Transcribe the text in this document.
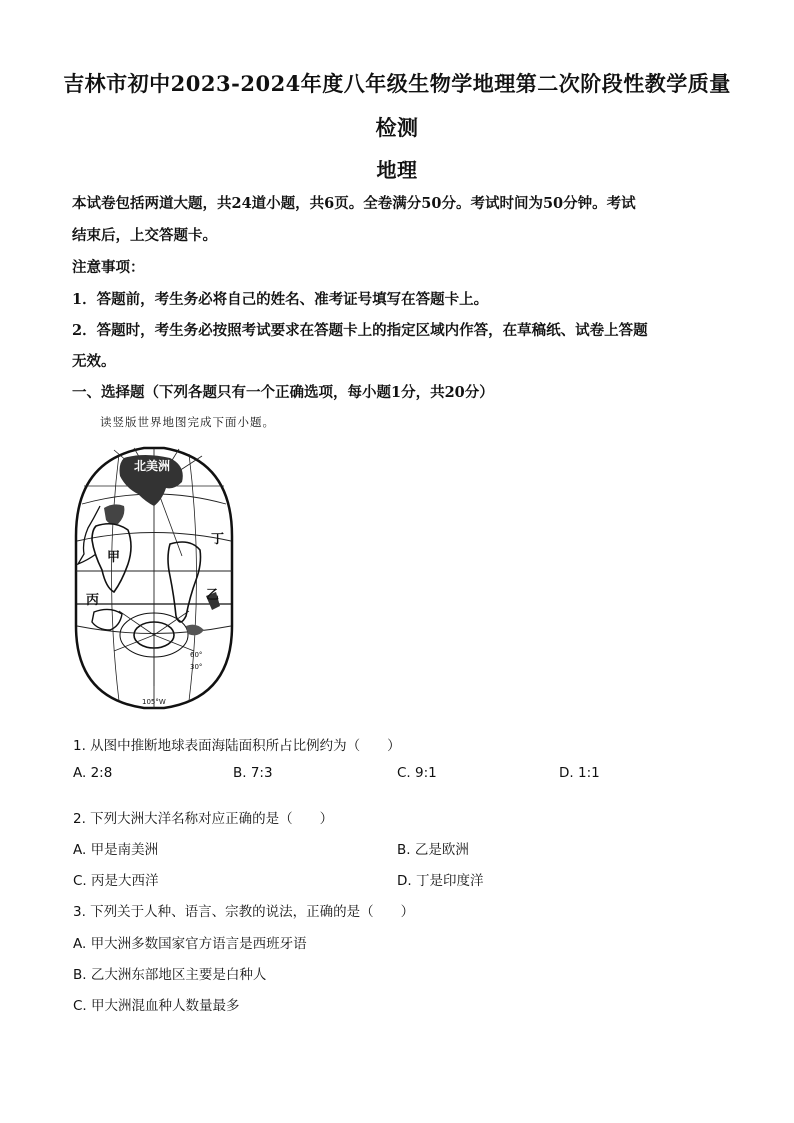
吉林市初中2023-2024年度八年级生物学地理第二次阶段性教学质量
检测
地理
本试卷包括两道大题，共24道小题，共6页。全卷满分50分。考试时间为50分钟。考试
结束后，上交答题卡。
注意事项：
1．答题前，考生务必将自己的姓名、准考证号填写在答题卡上。
2．答题时，考生务必按照考试要求在答题卡上的指定区域内作答，在草稿纸、试卷上答题
无效。
一、选择题（下列各题只有一个正确选项，每小题1分，共20分）
读竖版世界地图完成下面小题。
北美洲
甲
乙
丙
丁
60°
30°
105°W
1. 从图中推断地球表面海陆面积所占比例约为（　　）
A. 2:8	B. 7:3	C. 9:1	D. 1:1
2. 下列大洲大洋名称对应正确的是（　　）
A. 甲是南美洲	B. 乙是欧洲
C. 丙是大西洋	D. 丁是印度洋
3. 下列关于人种、语言、宗教的说法，正确的是（　　）
A. 甲大洲多数国家官方语言是西班牙语
B. 乙大洲东部地区主要是白种人
C. 甲大洲混血种人数量最多
